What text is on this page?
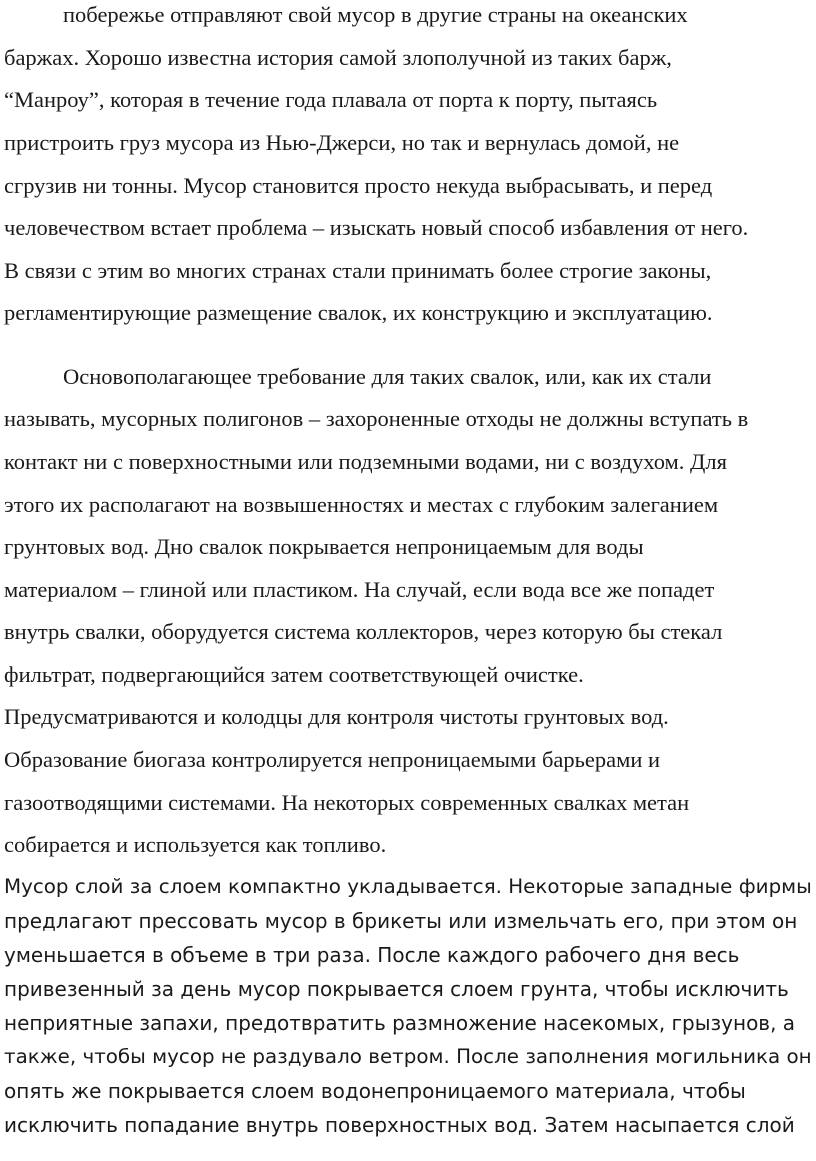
побережье отправляют свой мусор в другие страны на океанских
баржах. Хорошо известна история самой злополучной из таких барж,
“Манроу”, которая в течение года плавала от порта к порту, пытаясь
пристроить груз мусора из Нью-Джерси, но так и вернулась домой, не
сгрузив ни тонны. Мусор становится просто некуда выбрасывать, и перед
человечеством встает проблема – изыскать новый способ избавления от него.
В связи с этим во многих странах стали принимать более строгие законы,
регламентирующие размещение свалок, их конструкцию и эксплуатацию.
Основополагающее требование для таких свалок, или, как их стали
называть, мусорных полигонов – захороненные отходы не должны вступать в
контакт ни с поверхностными или подземными водами, ни с воздухом. Для
этого их располагают на возвышенностях и местах с глубоким залеганием
грунтовых вод. Дно свалок покрывается непроницаемым для воды
материалом – глиной или пластиком. На случай, если вода все же попадет
внутрь свалки, оборудуется система коллекторов, через которую бы стекал
фильтрат, подвергающийся затем соответствующей очистке.
Предусматриваются и колодцы для контроля чистоты грунтовых вод.
Образование биогаза контролируется непроницаемыми барьерами и
газоотводящими системами. На некоторых современных свалках метан
собирается и используется как топливо.
Мусор слой за слоем компактно укладывается. Некоторые западные фирмы
предлагают прессовать мусор в брикеты или измельчать его, при этом он
уменьшается в объеме в три раза. После каждого рабочего дня весь
привезенный за день мусор покрывается слоем грунта, чтобы исключить
неприятные запахи, предотвратить размножение насекомых, грызунов, а
также, чтобы мусор не раздувало ветром. После заполнения могильника он
опять же покрывается слоем водонепроницаемого материала, чтобы
исключить попадание внутрь поверхностных вод. Затем насыпается слой
